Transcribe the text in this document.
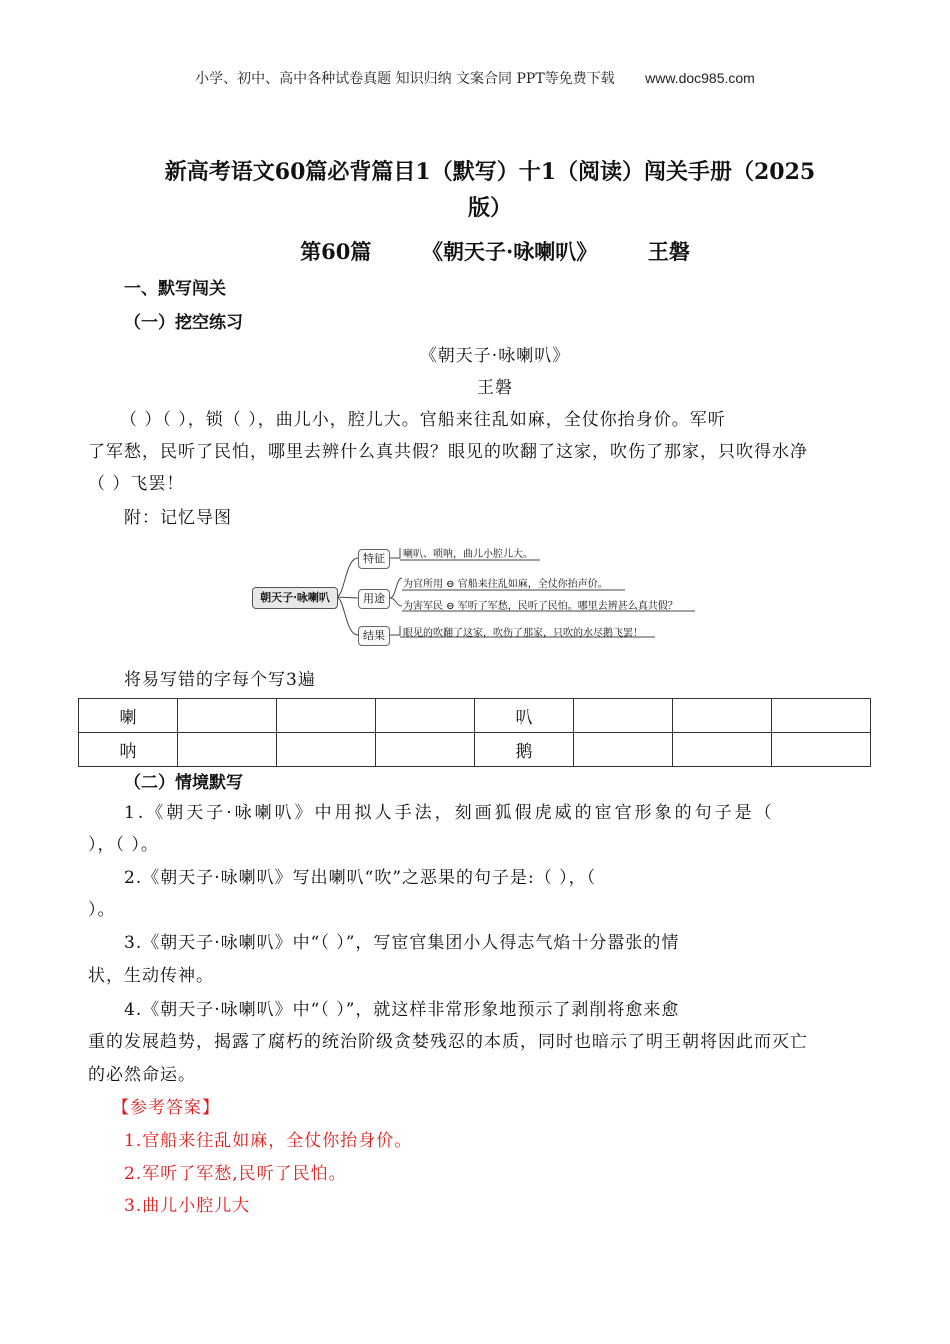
小学、初中、高中各种试卷真题 知识归纳 文案合同 PPT等免费下载 www.doc985.com
新高考语文60篇必背篇目1（默写）十1（阅读）闯关手册（2025
版）
第60篇 《朝天子·咏喇叭》 王磐
一、默写闯关
（一）挖空练习
《朝天子·咏喇叭》
王磐
（ ）（ ），锁（ ），曲儿小，腔儿大。官船来往乱如麻，全仗你抬身价。军听
了军愁，民听了民怕，哪里去辨什么真共假？眼见的吹翻了这家，吹伤了那家，只吹得水净
（ ）飞罢！
附：记忆导图
朝天子·咏喇叭
特征
用途
结果
喇叭、唢呐，曲儿小腔儿大。
为官所用 ⊖ 官船来往乱如麻，全仗你抬声价。
为害军民 ⊖ 军听了军愁，民听了民怕。哪里去辨甚么真共假？
眼见的吹翻了这家，吹伤了那家，只吹的水尽鹅飞罢！
将易写错的字每个写3遍
喇				叭			
呐				鹅			
（二）情境默写
1.《朝天子·咏喇叭》中用拟人手法，刻画狐假虎威的宦官形象的句子是（
），（ ）。
2.《朝天子·咏喇叭》写出喇叭“吹”之恶果的句子是:（ ），（
）。
3.《朝天子·咏喇叭》中“（ ）”，写宦官集团小人得志气焰十分嚣张的情
状，生动传神。
4.《朝天子·咏喇叭》中“（ ）”，就这样非常形象地预示了剥削将愈来愈
重的发展趋势，揭露了腐朽的统治阶级贪婪残忍的本质，同时也暗示了明王朝将因此而灭亡
的必然命运。
【参考答案】
1.官船来往乱如麻，全仗你抬身价。
2.军听了军愁,民听了民怕。
3.曲儿小腔儿大
